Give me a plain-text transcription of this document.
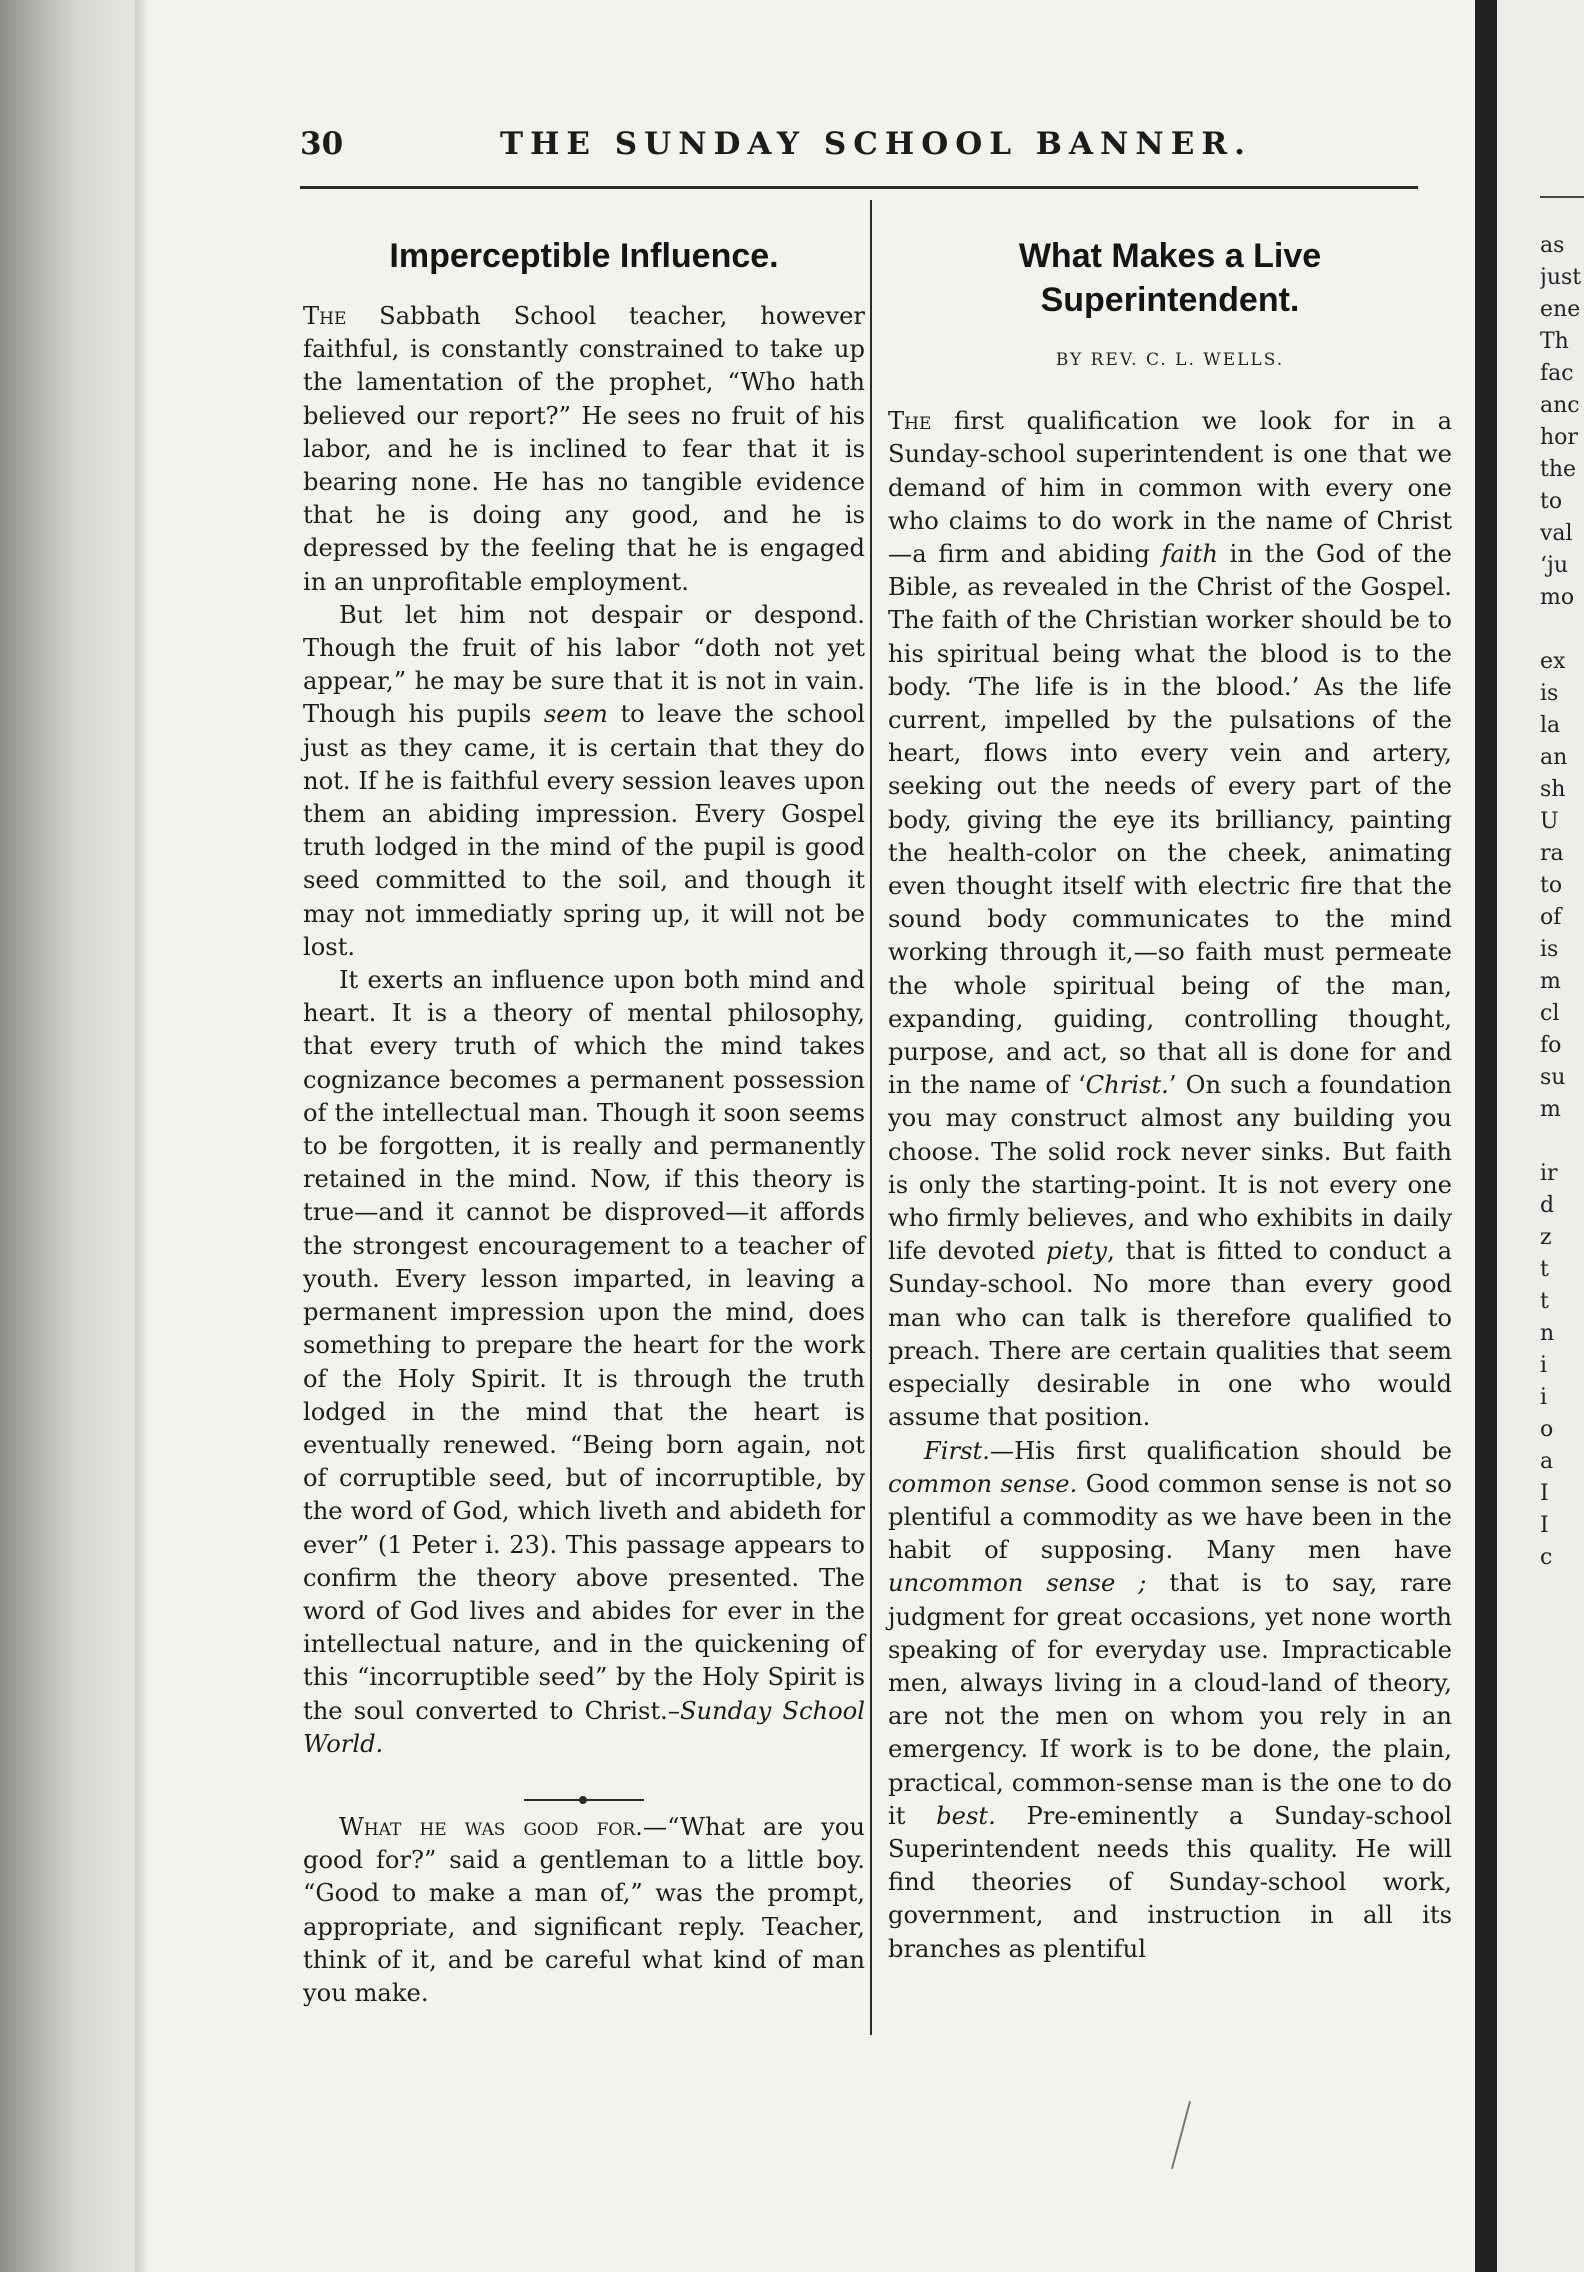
30	THE SUNDAY SCHOOL BANNER.
Imperceptible Influence.

The Sabbath School teacher, however faithful, is constantly constrained to take up the lamentation of the prophet, “Who hath believed our report?” He sees no fruit of his labor, and he is inclined to fear that it is bearing none. He has no tangible evidence that he is doing any good, and he is depressed by the feeling that he is engaged in an unprofitable employment.

But let him not despair or despond. Though the fruit of his labor “doth not yet appear,” he may be sure that it is not in vain. Though his pupils seem to leave the school just as they came, it is certain that they do not. If he is faithful every session leaves upon them an abiding impression. Every Gospel truth lodged in the mind of the pupil is good seed committed to the soil, and though it may not immediatly spring up, it will not be lost.

It exerts an influence upon both mind and heart. It is a theory of mental philosophy, that every truth of which the mind takes cognizance becomes a permanent possession of the intellectual man. Though it soon seems to be forgotten, it is really and permanently retained in the mind. Now, if this theory is true—and it cannot be disproved—it affords the strongest encouragement to a teacher of youth. Every lesson imparted, in leaving a permanent impression upon the mind, does something to prepare the heart for the work of the Holy Spirit. It is through the truth lodged in the mind that the heart is eventually renewed. “Being born again, not of corruptible seed, but of incorruptible, by the word of God, which liveth and abideth for ever” (1 Peter i. 23). This passage appears to confirm the theory above presented. The word of God lives and abides for ever in the intellectual nature, and in the quickening of this “incorruptible seed” by the Holy Spirit is the soul converted to Christ.–Sunday School World.

What he was good for.—“What are you good for?” said a gentleman to a little boy. “Good to make a man of,” was the prompt, appropriate, and significant reply. Teacher, think of it, and be careful what kind of man you make.

What Makes a Live Superintendent.
BY REV. C. L. WELLS.

The first qualification we look for in a Sunday-school superintendent is one that we demand of him in common with every one who claims to do work in the name of Christ—a firm and abiding faith in the God of the Bible, as revealed in the Christ of the Gospel. The faith of the Christian worker should be to his spiritual being what the blood is to the body. ‘The life is in the blood.’ As the life current, impelled by the pulsations of the heart, flows into every vein and artery, seeking out the needs of every part of the body, giving the eye its brilliancy, painting the health-color on the cheek, animating even thought itself with electric fire that the sound body communicates to the mind working through it,—so faith must permeate the whole spiritual being of the man, expanding, guiding, controlling thought, purpose, and act, so that all is done for and in the name of ‘Christ.’ On such a foundation you may construct almost any building you choose. The solid rock never sinks. But faith is only the starting-point. It is not every one who firmly believes, and who exhibits in daily life devoted piety, that is fitted to conduct a Sunday-school. No more than every good man who can talk is therefore qualified to preach. There are certain qualities that seem especially desirable in one who would assume that position.

First.—His first qualification should be common sense. Good common sense is not so plentiful a commodity as we have been in the habit of supposing. Many men have uncommon sense ; that is to say, rare judgment for great occasions, yet none worth speaking of for everyday use. Impracticable men, always living in a cloud-land of theory, are not the men on whom you rely in an emergency. If work is to be done, the plain, practical, common-sense man is the one to do it best. Pre-eminently a Sunday-school Superintendent needs this quality. He will find theories of Sunday-school work, government, and instruction in all its branches as plentiful

as
just
ene
Th
fac
anc
hor
the
to
val
‘ju
mo

ex
is
la
an
sh
U
ra
to
of
is
m
cl
fo
su
m

ir
d
z
t
t
n
i
i
o
a
I
I
c
